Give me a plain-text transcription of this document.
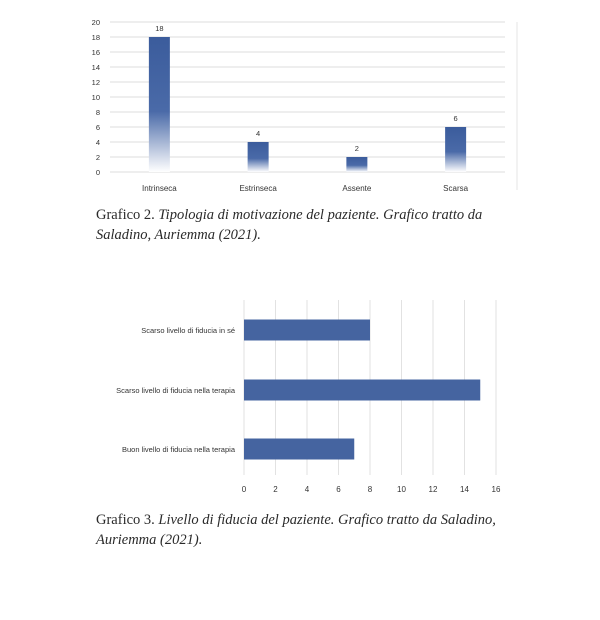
0
2
4
6
8
10
12
14
16
18
20
18
4
2
6
Intrinseca	Estrinseca	Assente	Scarsa
Grafico 2. Tipologia di motivazione del paziente. Grafico tratto da Saladino, Auriemma (2021).
Scarso livello di fiducia in sé
Scarso livello di fiducia nella terapia
Buon livello di fiducia nella terapia
0	2	4	6	8	10	12	14	16
Grafico 3. Livello di fiducia del paziente. Grafico tratto da Saladino, Auriemma (2021).
